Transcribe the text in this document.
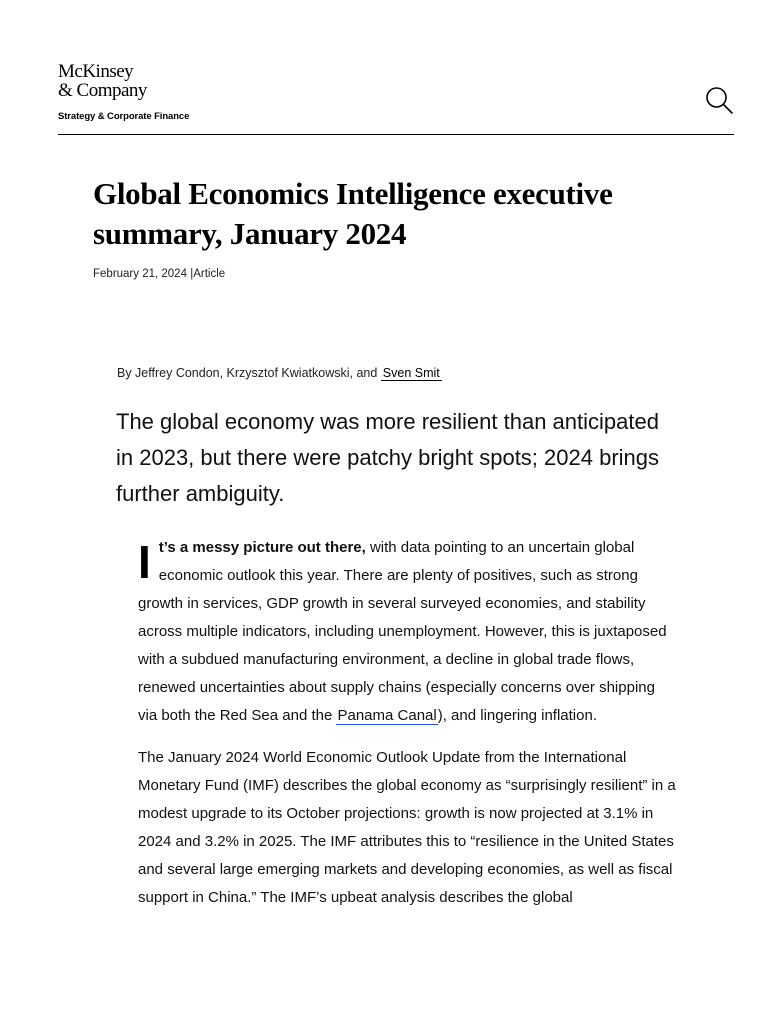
McKinsey
& Company
Strategy & Corporate Finance
Global Economics Intelligence executive summary, January 2024
February 21, 2024 |Article
By Jeffrey Condon, Krzysztof Kwiatkowski, and Sven Smit
The global economy was more resilient than anticipated in 2023, but there were patchy bright spots; 2024 brings further ambiguity.

I t’s a messy picture out there, with data pointing to an uncertain global economic outlook this year. There are plenty of positives, such as strong growth in services, GDP growth in several surveyed economies, and stability across multiple indicators, including unemployment. However, this is juxtaposed with a subdued manufacturing environment, a decline in global trade flows, renewed uncertainties about supply chains (especially concerns over shipping via both the Red Sea and the Panama Canal), and lingering inflation.

The January 2024 World Economic Outlook Update from the International Monetary Fund (IMF) describes the global economy as “surprisingly resilient” in a modest upgrade to its October projections: growth is now projected at 3.1% in 2024 and 3.2% in 2025. The IMF attributes this to “resilience in the United States and several large emerging markets and developing economies, as well as fiscal support in China.” The IMF’s upbeat analysis describes the global
